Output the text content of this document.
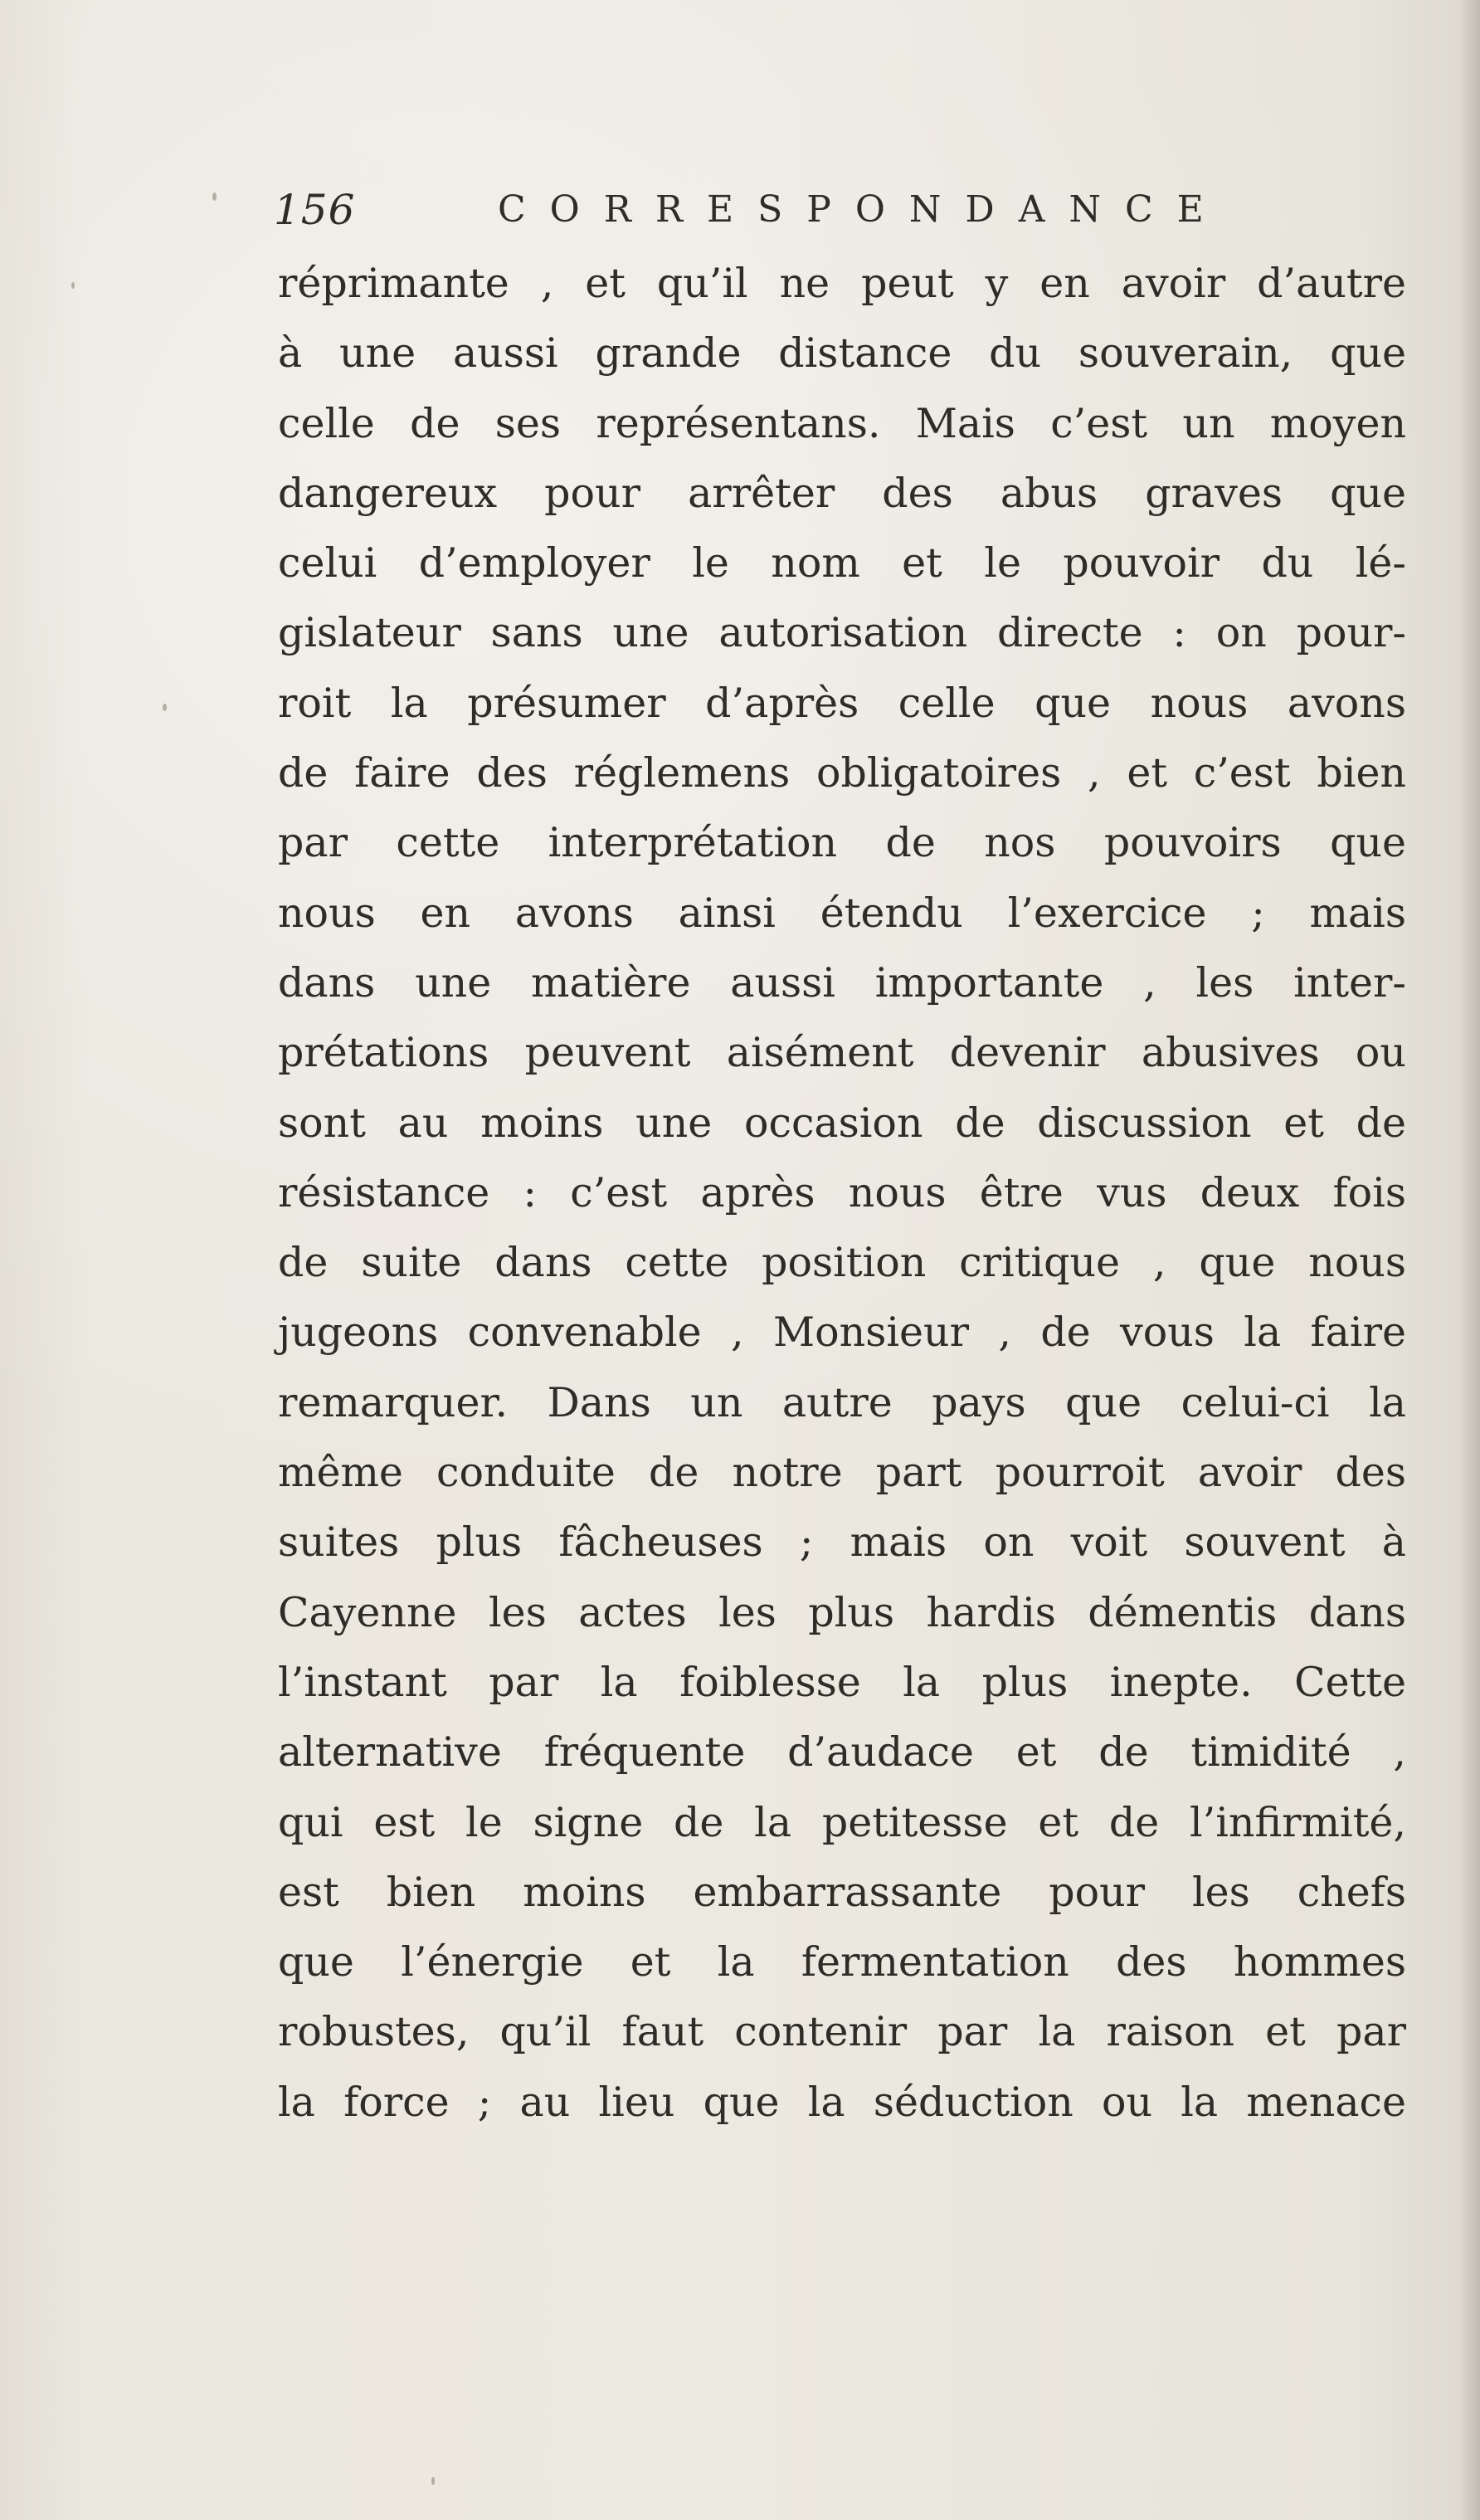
156	CORRESPONDANCE
réprimante , et qu’il ne peut y en avoir d’autre
à une aussi grande distance du souverain, que
celle de ses représentans. Mais c’est un moyen
dangereux pour arrêter des abus graves que
celui d’employer le nom et le pouvoir du lé-
gislateur sans une autorisation directe : on pour-
roit la présumer d’après celle que nous avons
de faire des réglemens obligatoires , et c’est bien
par cette interprétation de nos pouvoirs que
nous en avons ainsi étendu l’exercice ; mais
dans une matière aussi importante , les inter-
prétations peuvent aisément devenir abusives ou
sont au moins une occasion de discussion et de
résistance : c’est après nous être vus deux fois
de suite dans cette position critique , que nous
jugeons convenable , Monsieur , de vous la faire
remarquer. Dans un autre pays que celui-ci la
même conduite de notre part pourroit avoir des
suites plus fâcheuses ; mais on voit souvent à
Cayenne les actes les plus hardis démentis dans
l’instant par la foiblesse la plus inepte. Cette
alternative fréquente d’audace et de timidité ,
qui est le signe de la petitesse et de l’infirmité,
est bien moins embarrassante pour les chefs
que l’énergie et la fermentation des hommes
robustes, qu’il faut contenir par la raison et par
la force ; au lieu que la séduction ou la menace
